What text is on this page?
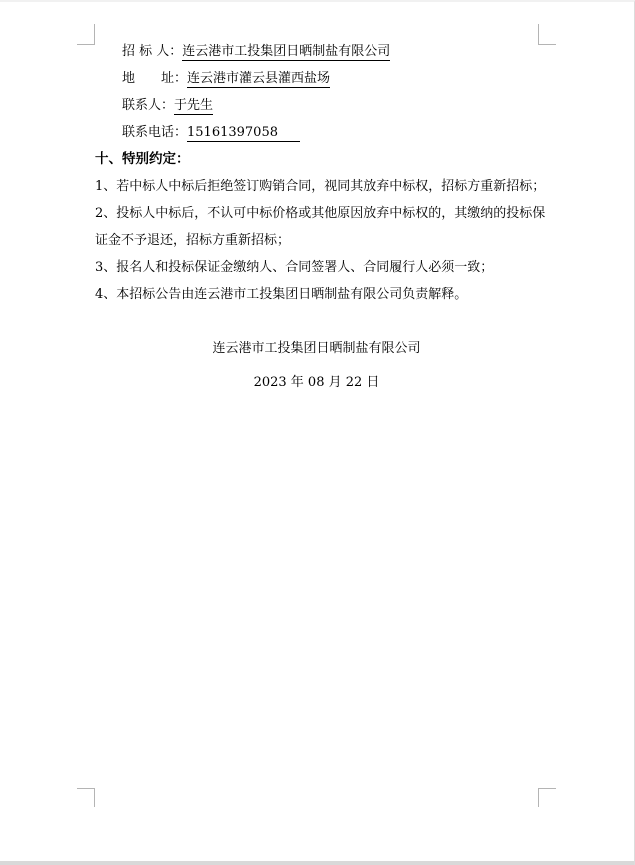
招 标 人：连云港市工投集团日晒制盐有限公司
地　　址：连云港市灌云县灌西盐场
联系人：于先生
联系电话：15161397058
十、特别约定：
1、若中标人中标后拒绝签订购销合同，视同其放弃中标权，招标方重新招标；
2、投标人中标后，不认可中标价格或其他原因放弃中标权的，其缴纳的投标保
证金不予退还，招标方重新招标；
3、报名人和投标保证金缴纳人、合同签署人、合同履行人必须一致；
4、本招标公告由连云港市工投集团日晒制盐有限公司负责解释。
连云港市工投集团日晒制盐有限公司
2023 年 08 月 22 日
